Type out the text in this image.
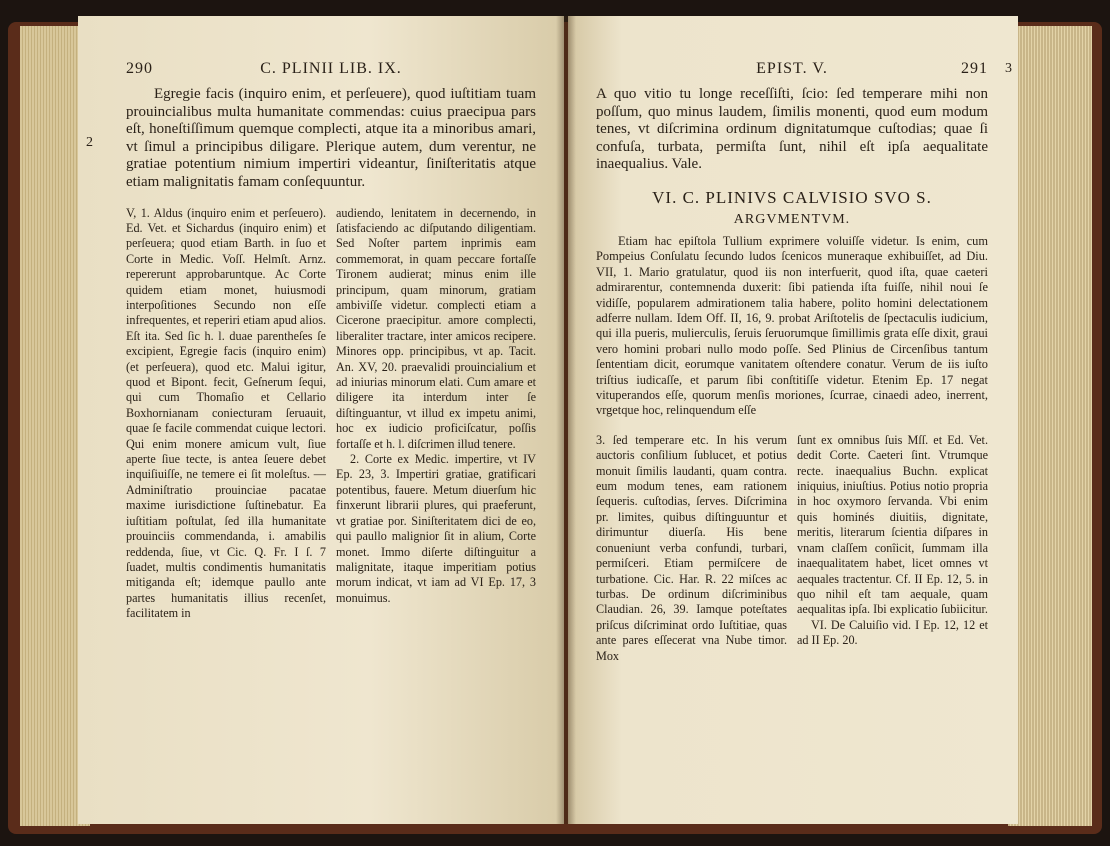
290	C. PLINII LIB. IX.
2

Egregie facis (inquiro enim, et perſeuere), quod iuſtitiam tuam prouincialibus multa humanitate commendas: cuius praecipua pars eſt, honeſtiſſimum quemque complecti, atque ita a minoribus amari, vt ſimul a principibus diligare. Plerique autem, dum verentur, ne gratiae potentium nimium impertiri videantur, ſiniſteritatis atque etiam malignitatis famam conſequuntur.

V, 1. Aldus (inquiro enim et perſeuero). Ed. Vet. et Sichardus (inquiro enim) et perſeuera; quod etiam Barth. in ſuo et Corte in Medic. Voſſ. Helmſt. Arnz. repererunt approbaruntque. Ac Corte quidem etiam monet, huiusmodi interpoſitiones Secundo non eſſe infrequentes, et reperiri etiam apud alios. Eſt ita. Sed ſic h. l. duae parentheſes ſe excipient, Egregie facis (inquiro enim) (et perſeuera), quod etc. Malui igitur, quod et Bipont. fecit, Geſnerum ſequi, qui cum Thomaſio et Cellario Boxhornianam coniecturam ſeruauit, quae ſe facile commendat cuique lectori. Qui enim monere amicum vult, ſiue aperte ſiue tecte, is antea ſeuere debet inquiſiuiſſe, ne temere ei ſit moleſtus. — Adminiſtratio prouinciae pacatae maxime iurisdictione ſuſtinebatur. Ea iuſtitiam poſtulat, ſed illa humanitate prouinciis commendanda, i. amabilis reddenda, ſiue, vt Cic. Q. Fr. I ſ. 7 ſuadet, multis condimentis humanitatis mitiganda eſt; idemque paullo ante partes humanitatis illius recenſet, facilitatem in

audiendo, lenitatem in decernendo, in ſatisfaciendo ac diſputando diligentiam. Sed Noſter partem inprimis eam commemorat, in quam peccare fortaſſe Tironem audierat; minus enim ille principum, quam minorum, gratiam ambiviſſe videtur. complecti etiam a Cicerone praecipitur. amore complecti, liberaliter tractare, inter amicos recipere. Minores opp. principibus, vt ap. Tacit. An. XV, 20. praevalidi prouincialium et ad iniurias minorum elati. Cum amare et diligere ita interdum inter ſe diſtinguantur, vt illud ex impetu animi, hoc ex iudicio proficiſcatur, poſſis fortaſſe et h. l. diſcrimen illud tenere.

2. Corte ex Medic. impertire, vt IV Ep. 23, 3. Impertiri gratiae, gratificari potentibus, fauere. Metum diuerſum hic finxerunt librarii plures, qui praeferunt, vt gratiae por. Siniſteritatem dici de eo, qui paullo malignior ſit in alium, Corte monet. Immo diſerte diſtinguitur a malignitate, itaque imperitiam potius morum indicat, vt iam ad VI Ep. 17, 3 monuimus.

EPIST. V.	291 3

A quo vitio tu longe receſſiſti, ſcio: ſed temperare mihi non poſſum, quo minus laudem, ſimilis monenti, quod eum modum tenes, vt diſcrimina ordinum dignitatumque cuſtodias; quae ſi confuſa, turbata, permiſta ſunt, nihil eſt ipſa aequalitate inaequalius. Vale.

VI. C. PLINIVS CALVISIO SVO S.
ARGVMENTVM.

Etiam hac epiſtola Tullium exprimere voluiſſe videtur. Is enim, cum Pompeius Conſulatu ſecundo ludos ſcenicos muneraque exhibuiſſet, ad Diu. VII, 1. Mario gratulatur, quod iis non interfuerit, quod iſta, quae caeteri admirarentur, contemnenda duxerit: ſibi patienda iſta fuiſſe, nihil noui ſe vidiſſe, popularem admirationem talia habere, polito homini delectationem adferre nullam. Idem Off. II, 16, 9. probat Ariſtotelis de ſpectaculis iudicium, qui illa pueris, mulierculis, ſeruis ſeruorumque ſimillimis grata eſſe dixit, graui vero homini probari nullo modo poſſe. Sed Plinius de Circenſibus tantum ſententiam dicit, eorumque vanitatem oſtendere conatur. Verum de iis iuſto triſtius iudicaſſe, et parum ſibi conſtitiſſe videtur. Etenim Ep. 17 negat vituperandos eſſe, quorum menſis moriones, ſcurrae, cinaedi adeo, inerrent, vrgetque hoc, relinquendum eſſe

3. ſed temperare etc. In his verum auctoris conſilium ſublucet, et potius monuit ſimilis laudanti, quam contra. eum modum tenes, eam rationem ſequeris. cuſtodias, ſerves. Diſcrimina pr. limites, quibus diſtinguuntur et dirimuntur diuerſa. His bene conueniunt verba confundi, turbari, permiſceri. Etiam permiſcere de turbatione. Cic. Har. R. 22 miſces ac turbas. De ordinum diſcriminibus Claudian. 26, 39. Iamque poteſtates priſcus diſcriminat ordo Iuſtitiae, quas ante pares eſſecerat vna Nube timor. Mox

ſunt ex omnibus ſuis Mſſ. et Ed. Vet. dedit Corte. Caeteri ſint. Vtrumque recte. inaequalius Buchn. explicat iniquius, iniuſtius. Potius notio propria in hoc oxymoro ſervanda. Vbi enim quis hominés diuitiis, dignitate, meritis, literarum ſcientia diſpares in vnam claſſem conîicit, ſummam illa inaequalitatem habet, licet omnes vt aequales tractentur. Cf. II Ep. 12, 5. in quo nihil eſt tam aequale, quam aequalitas ipſa. Ibi explicatio ſubiicitur.

VI. De Caluiſio vid. I Ep. 12, 12 et ad II Ep. 20.
